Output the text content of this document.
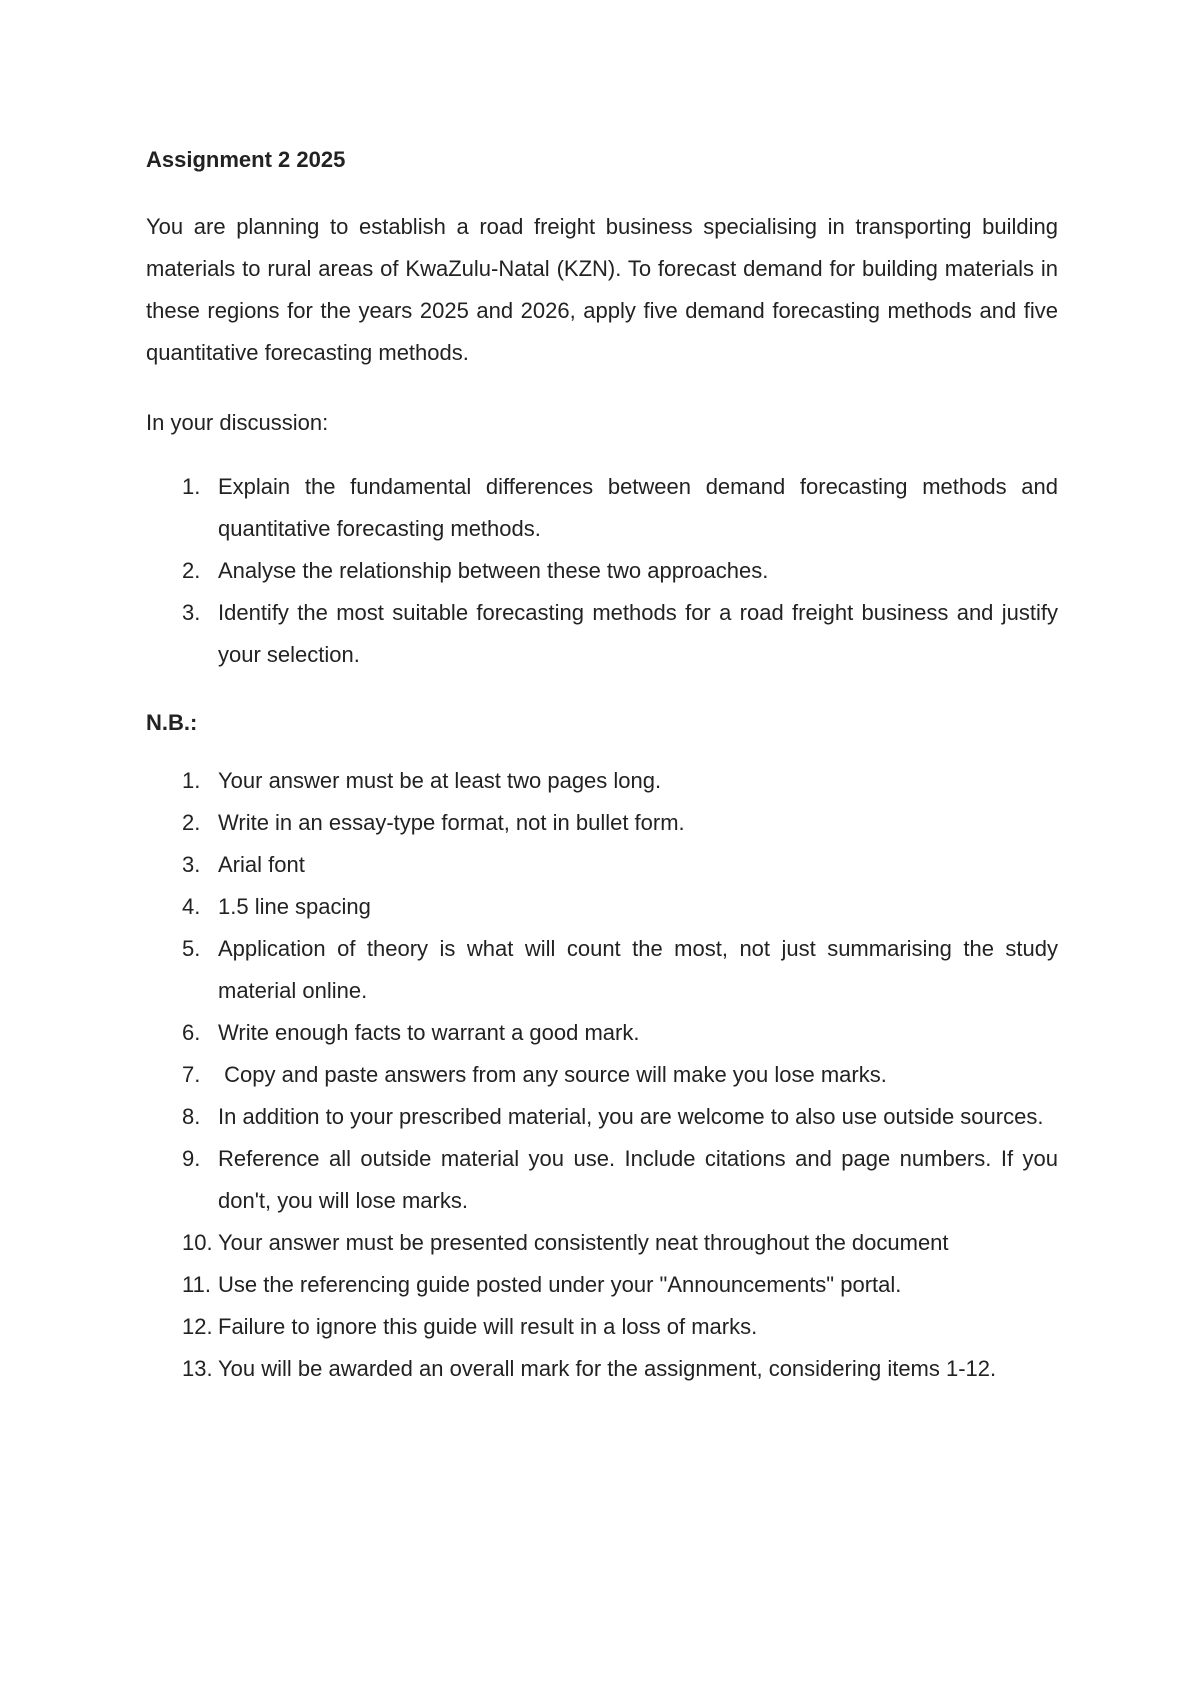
Assignment 2 2025

You are planning to establish a road freight business specialising in transporting building materials to rural areas of KwaZulu-Natal (KZN). To forecast demand for building materials in these regions for the years 2025 and 2026, apply five demand forecasting methods and five quantitative forecasting methods.

In your discussion:

1. Explain the fundamental differences between demand forecasting methods and quantitative forecasting methods.
2. Analyse the relationship between these two approaches.
3. Identify the most suitable forecasting methods for a road freight business and justify your selection.

N.B.:

1. Your answer must be at least two pages long.
2. Write in an essay-type format, not in bullet form.
3. Arial font
4. 1.5 line spacing
5. Application of theory is what will count the most, not just summarising the study material online.
6. Write enough facts to warrant a good mark.
7. Copy and paste answers from any source will make you lose marks.
8. In addition to your prescribed material, you are welcome to also use outside sources.
9. Reference all outside material you use. Include citations and page numbers. If you don't, you will lose marks.
10. Your answer must be presented consistently neat throughout the document
11. Use the referencing guide posted under your "Announcements" portal.
12. Failure to ignore this guide will result in a loss of marks.
13. You will be awarded an overall mark for the assignment, considering items 1-12.
